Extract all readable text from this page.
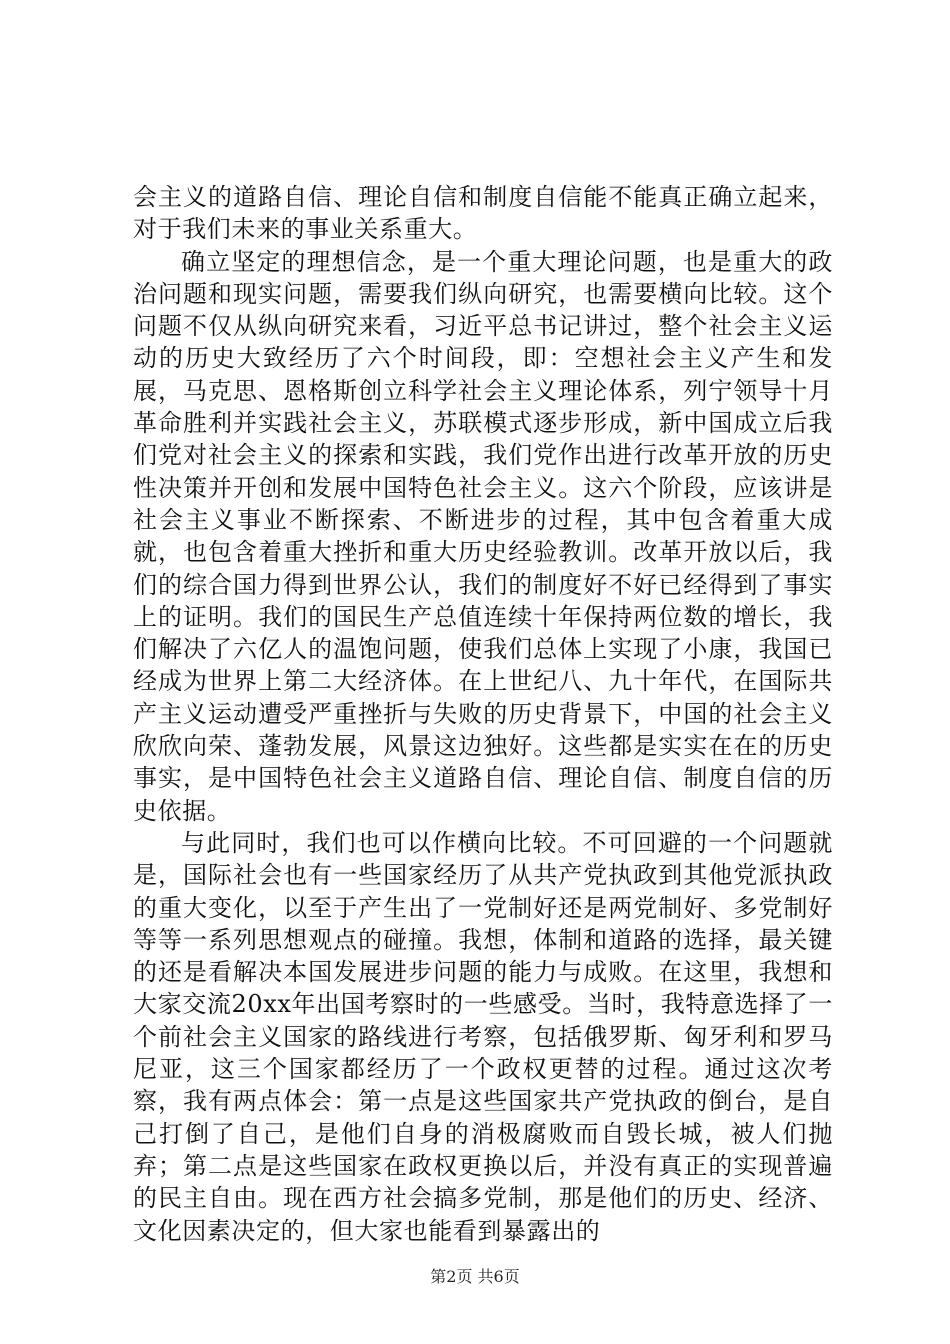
会主义的道路自信、理论自信和制度自信能不能真正确立起来，对于我们未来的事业关系重大。

确立坚定的理想信念，是一个重大理论问题，也是重大的政治问题和现实问题，需要我们纵向研究，也需要横向比较。这个问题不仅从纵向研究来看，习近平总书记讲过，整个社会主义运动的历史大致经历了六个时间段，即：空想社会主义产生和发展，马克思、恩格斯创立科学社会主义理论体系，列宁领导十月革命胜利并实践社会主义，苏联模式逐步形成，新中国成立后我们党对社会主义的探索和实践，我们党作出进行改革开放的历史性决策并开创和发展中国特色社会主义。这六个阶段，应该讲是社会主义事业不断探索、不断进步的过程，其中包含着重大成就，也包含着重大挫折和重大历史经验教训。改革开放以后，我们的综合国力得到世界公认，我们的制度好不好已经得到了事实上的证明。我们的国民生产总值连续十年保持两位数的增长，我们解决了六亿人的温饱问题，使我们总体上实现了小康，我国已经成为世界上第二大经济体。在上世纪八、九十年代，在国际共产主义运动遭受严重挫折与失败的历史背景下，中国的社会主义欣欣向荣、蓬勃发展，风景这边独好。这些都是实实在在的历史事实，是中国特色社会主义道路自信、理论自信、制度自信的历史依据。

与此同时，我们也可以作横向比较。不可回避的一个问题就是，国际社会也有一些国家经历了从共产党执政到其他党派执政的重大变化，以至于产生出了一党制好还是两党制好、多党制好等等一系列思想观点的碰撞。我想，体制和道路的选择，最关键的还是看解决本国发展进步问题的能力与成败。在这里，我想和大家交流20xx年出国考察时的一些感受。当时，我特意选择了一个前社会主义国家的路线进行考察，包括俄罗斯、匈牙利和罗马尼亚，这三个国家都经历了一个政权更替的过程。通过这次考察，我有两点体会：第一点是这些国家共产党执政的倒台，是自己打倒了自己，是他们自身的消极腐败而自毁长城，被人们抛弃；第二点是这些国家在政权更换以后，并没有真正的实现普遍的民主自由。现在西方社会搞多党制，那是他们的历史、经济、文化因素决定的，但大家也能看到暴露出的

第2页 共6页
